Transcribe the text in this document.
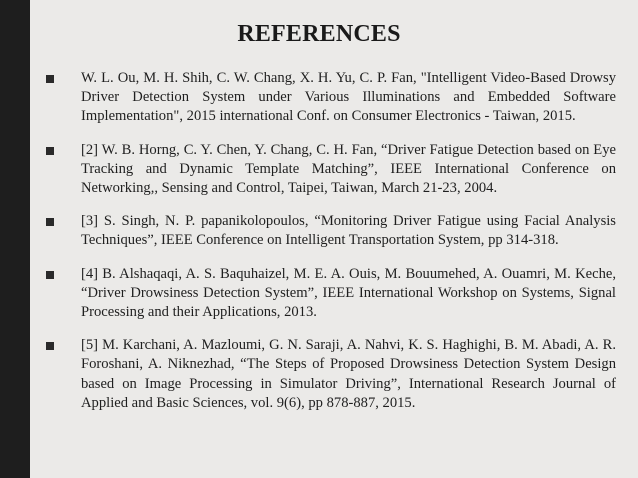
REFERENCES
W. L. Ou, M. H. Shih, C. W. Chang, X. H. Yu, C. P. Fan, "Intelligent Video-Based Drowsy Driver Detection System under Various Illuminations and Embedded Software Implementation", 2015 international Conf. on Consumer Electronics - Taiwan, 2015.
[2] W. B. Horng, C. Y. Chen, Y. Chang, C. H. Fan, “Driver Fatigue Detection based on Eye Tracking and Dynamic Template Matching”, IEEE International Conference on Networking,, Sensing and Control, Taipei, Taiwan, March 21-23, 2004.
[3] S. Singh, N. P. papanikolopoulos, “Monitoring Driver Fatigue using Facial Analysis Techniques”, IEEE Conference on Intelligent Transportation System, pp 314-318.
[4] B. Alshaqaqi, A. S. Baquhaizel, M. E. A. Ouis, M. Bouumehed, A. Ouamri, M. Keche, “Driver Drowsiness Detection System”, IEEE International Workshop on Systems, Signal Processing and their Applications, 2013.
[5] M. Karchani, A. Mazloumi, G. N. Saraji, A. Nahvi, K. S. Haghighi, B. M. Abadi, A. R. Foroshani, A. Niknezhad, “The Steps of Proposed Drowsiness Detection System Design based on Image Processing in Simulator Driving”, International Research Journal of Applied and Basic Sciences, vol. 9(6), pp 878-887, 2015.
